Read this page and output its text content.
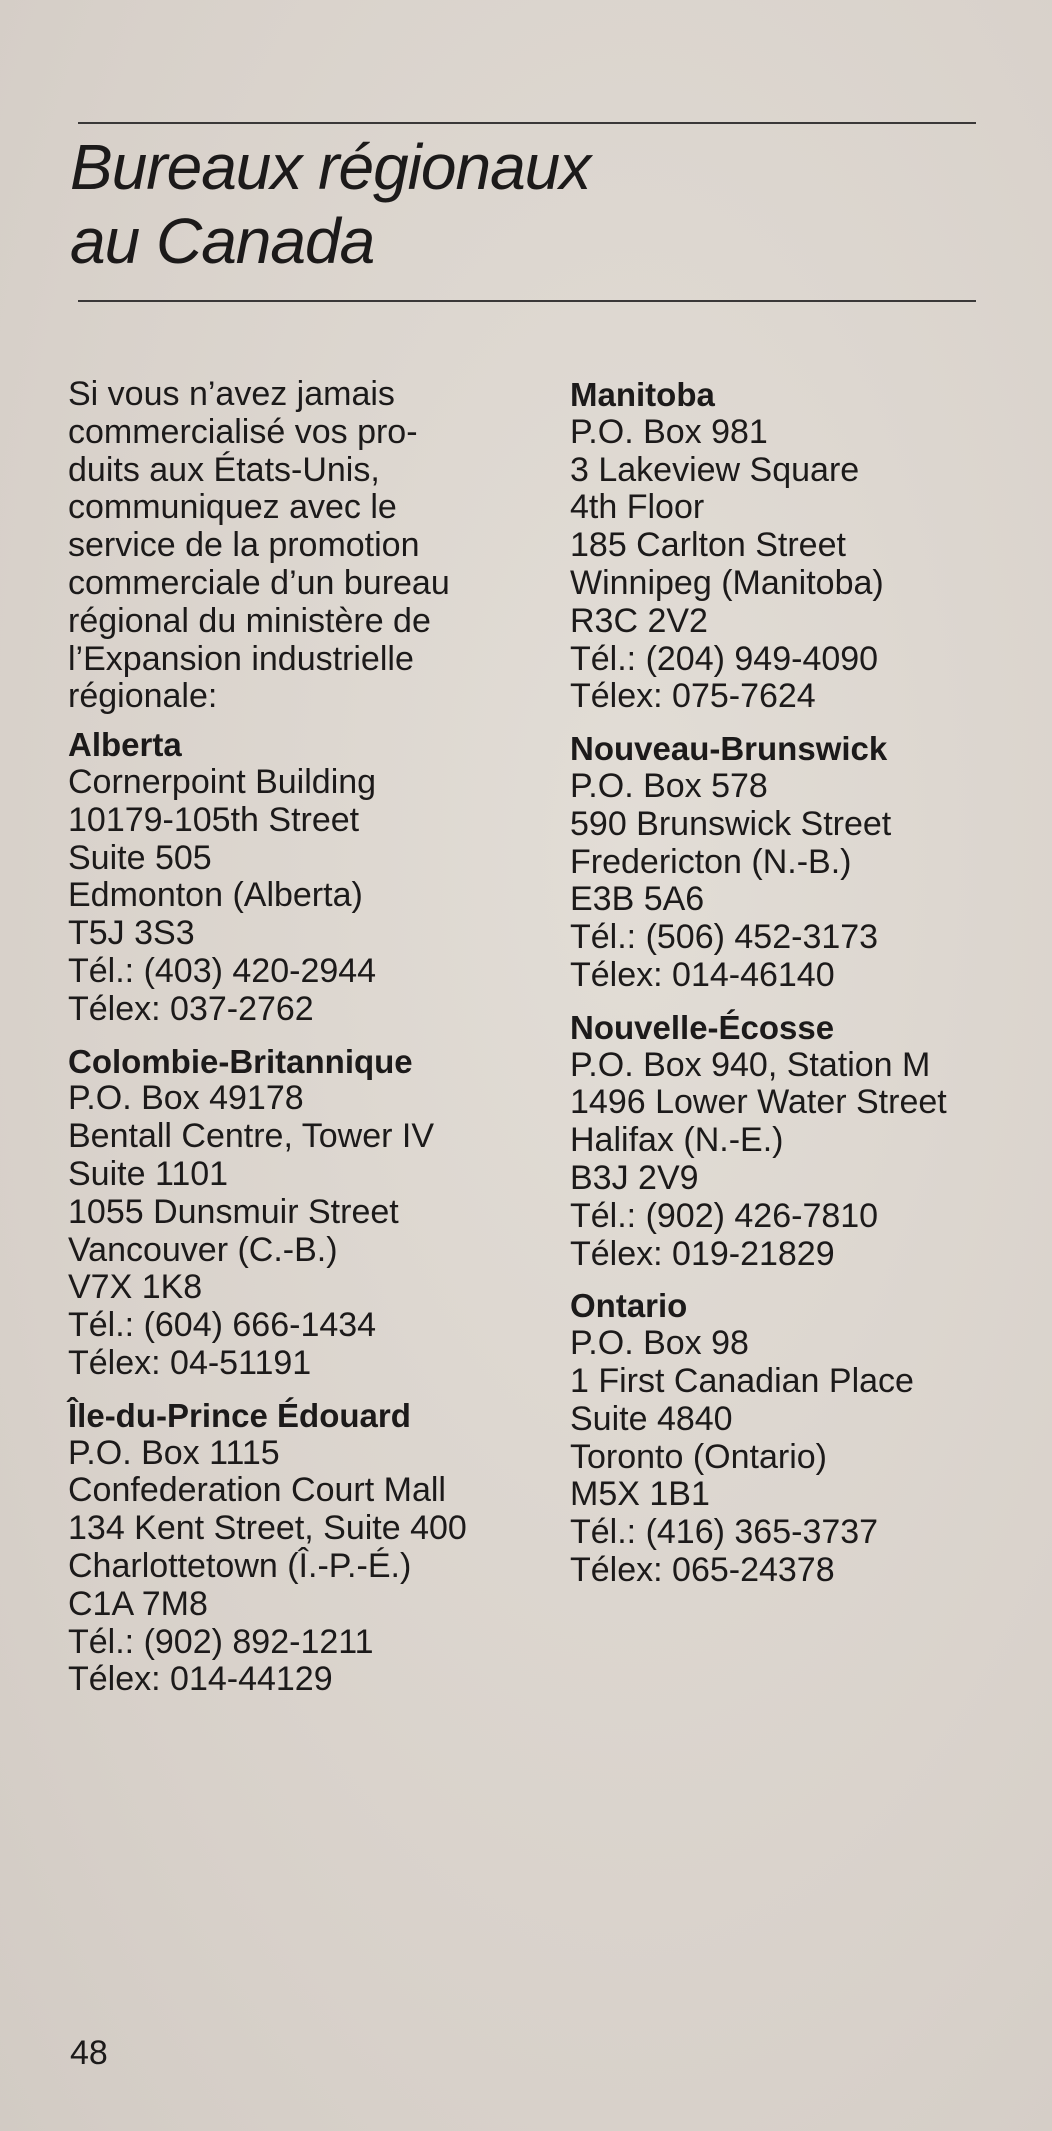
Bureaux régionaux
au Canada
Si vous n’avez jamais
commercialisé vos pro-
duits aux États-Unis,
communiquez avec le
service de la promotion
commerciale d’un bureau
régional du ministère de
l’Expansion industrielle
régionale:
Alberta
Cornerpoint Building
10179-105th Street
Suite 505
Edmonton (Alberta)
T5J 3S3
Tél.: (403) 420-2944
Télex: 037-2762
Colombie-Britannique
P.O. Box 49178
Bentall Centre, Tower IV
Suite 1101
1055 Dunsmuir Street
Vancouver (C.-B.)
V7X 1K8
Tél.: (604) 666-1434
Télex: 04-51191
Île-du-Prince Édouard
P.O. Box 1115
Confederation Court Mall
134 Kent Street, Suite 400
Charlottetown (Î.-P.-É.)
C1A 7M8
Tél.: (902) 892-1211
Télex: 014-44129
Manitoba
P.O. Box 981
3 Lakeview Square
4th Floor
185 Carlton Street
Winnipeg (Manitoba)
R3C 2V2
Tél.: (204) 949-4090
Télex: 075-7624
Nouveau-Brunswick
P.O. Box 578
590 Brunswick Street
Fredericton (N.-B.)
E3B 5A6
Tél.: (506) 452-3173
Télex: 014-46140
Nouvelle-Écosse
P.O. Box 940, Station M
1496 Lower Water Street
Halifax (N.-E.)
B3J 2V9
Tél.: (902) 426-7810
Télex: 019-21829
Ontario
P.O. Box 98
1 First Canadian Place
Suite 4840
Toronto (Ontario)
M5X 1B1
Tél.: (416) 365-3737
Télex: 065-24378
48
